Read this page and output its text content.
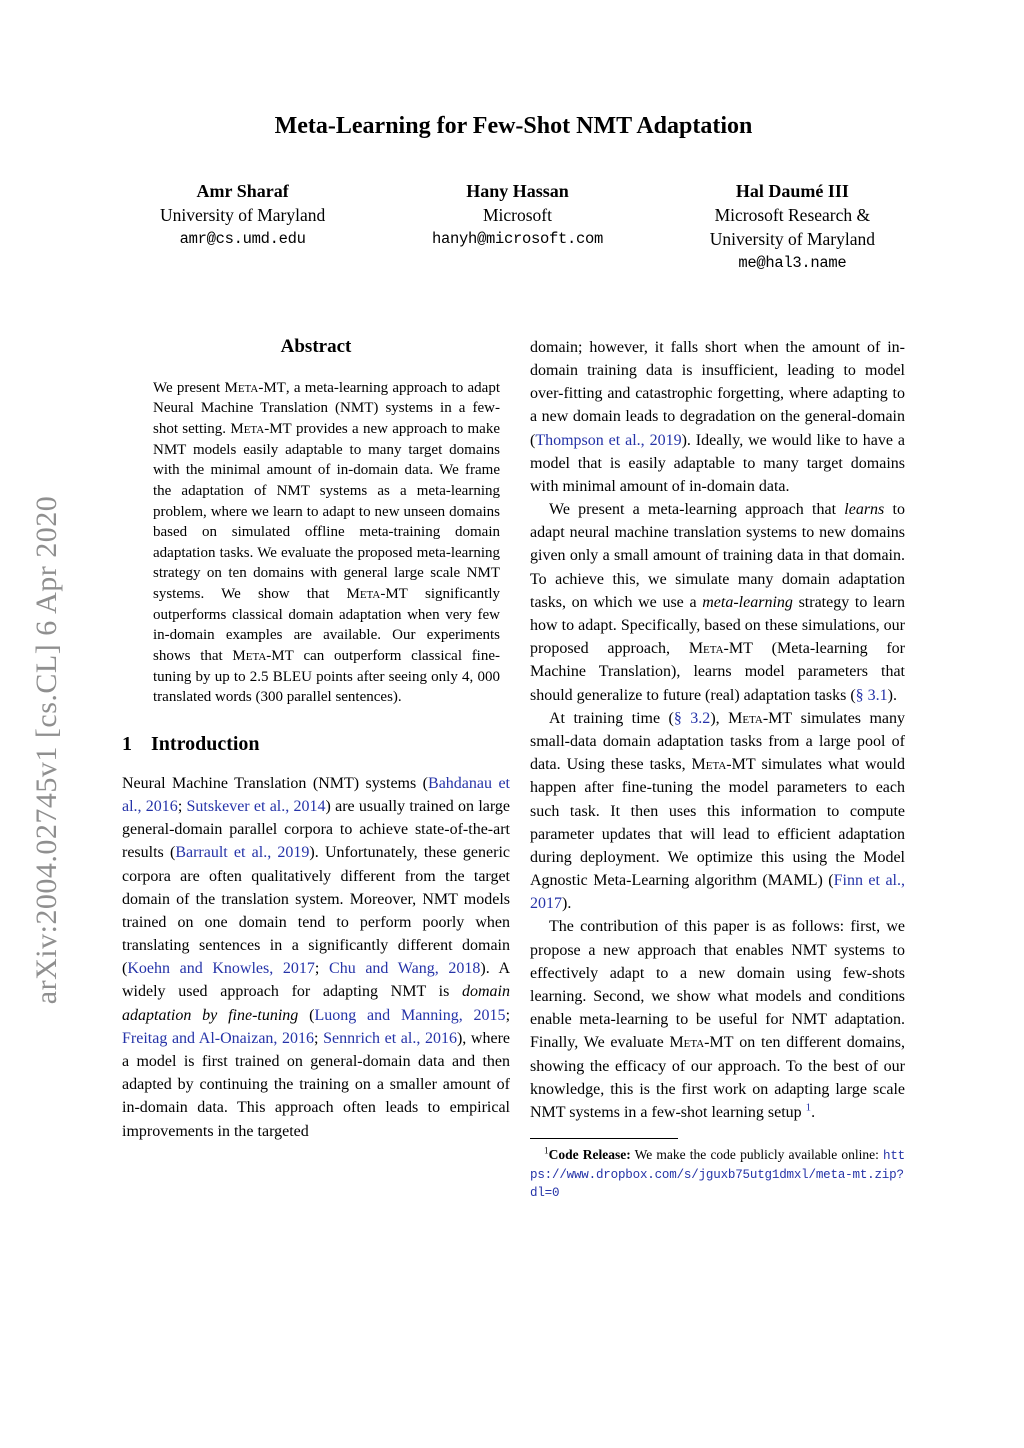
arXiv:2004.02745v1 [cs.CL] 6 Apr 2020
Meta-Learning for Few-Shot NMT Adaptation
Amr Sharaf
University of Maryland
amr@cs.umd.edu
Hany Hassan
Microsoft
hanyh@microsoft.com
Hal Daumé III
Microsoft Research &
University of Maryland
me@hal3.name
Abstract
We present Meta-MT, a meta-learning approach to adapt Neural Machine Translation (NMT) systems in a few-shot setting. Meta-MT provides a new approach to make NMT models easily adaptable to many target domains with the minimal amount of in-domain data. We frame the adaptation of NMT systems as a meta-learning problem, where we learn to adapt to new unseen domains based on simulated offline meta-training domain adaptation tasks. We evaluate the proposed meta-learning strategy on ten domains with general large scale NMT systems. We show that Meta-MT significantly outperforms classical domain adaptation when very few in-domain examples are available. Our experiments shows that Meta-MT can outperform classical fine-tuning by up to 2.5 BLEU points after seeing only 4, 000 translated words (300 parallel sentences).
1 Introduction
Neural Machine Translation (NMT) systems (Bahdanau et al., 2016; Sutskever et al., 2014) are usually trained on large general-domain parallel corpora to achieve state-of-the-art results (Barrault et al., 2019). Unfortunately, these generic corpora are often qualitatively different from the target domain of the translation system. Moreover, NMT models trained on one domain tend to perform poorly when translating sentences in a significantly different domain (Koehn and Knowles, 2017; Chu and Wang, 2018). A widely used approach for adapting NMT is domain adaptation by fine-tuning (Luong and Manning, 2015; Freitag and Al-Onaizan, 2016; Sennrich et al., 2016), where a model is first trained on general-domain data and then adapted by continuing the training on a smaller amount of in-domain data. This approach often leads to empirical improvements in the targeted
domain; however, it falls short when the amount of in-domain training data is insufficient, leading to model over-fitting and catastrophic forgetting, where adapting to a new domain leads to degradation on the general-domain (Thompson et al., 2019). Ideally, we would like to have a model that is easily adaptable to many target domains with minimal amount of in-domain data.
We present a meta-learning approach that learns to adapt neural machine translation systems to new domains given only a small amount of training data in that domain. To achieve this, we simulate many domain adaptation tasks, on which we use a meta-learning strategy to learn how to adapt. Specifically, based on these simulations, our proposed approach, Meta-MT (Meta-learning for Machine Translation), learns model parameters that should generalize to future (real) adaptation tasks (§ 3.1).
At training time (§ 3.2), Meta-MT simulates many small-data domain adaptation tasks from a large pool of data. Using these tasks, Meta-MT simulates what would happen after fine-tuning the model parameters to each such task. It then uses this information to compute parameter updates that will lead to efficient adaptation during deployment. We optimize this using the Model Agnostic Meta-Learning algorithm (MAML) (Finn et al., 2017).
The contribution of this paper is as follows: first, we propose a new approach that enables NMT systems to effectively adapt to a new domain using few-shots learning. Second, we show what models and conditions enable meta-learning to be useful for NMT adaptation. Finally, We evaluate Meta-MT on ten different domains, showing the efficacy of our approach. To the best of our knowledge, this is the first work on adapting large scale NMT systems in a few-shot learning setup $^1$.
$^1$Code Release: We make the code publicly available online: https://www.dropbox.com/s/jguxb75utg1dmxl/meta-mt.zip?dl=0
